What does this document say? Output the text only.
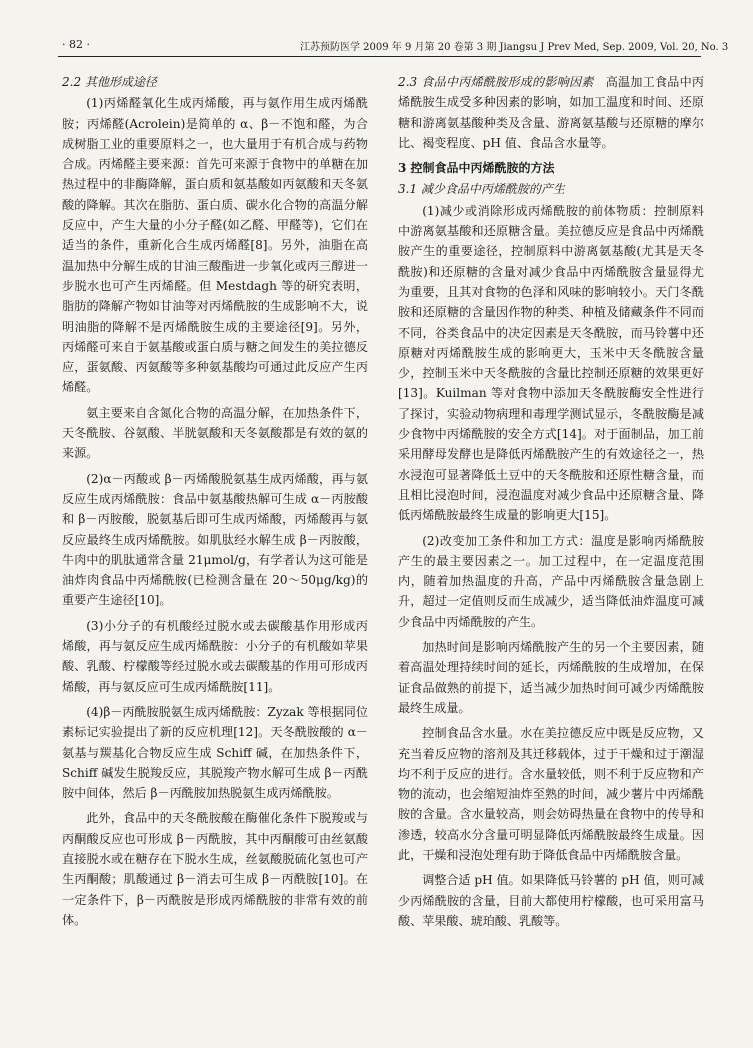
· 82 ·	江苏预防医学 2009 年 9 月第 20 卷第 3 期 Jiangsu J Prev Med, Sep. 2009, Vol. 20, No. 3
2.2 其他形成途径

(1)丙烯醛氧化生成丙烯酸，再与氨作用生成丙烯酰胺；丙烯醛(Acrolein)是简单的 α、β－不饱和醛，为合成树脂工业的重要原料之一，也大量用于有机合成与药物合成。丙烯醛主要来源：首先可来源于食物中的单糖在加热过程中的非酶降解，蛋白质和氨基酸如丙氨酸和天冬氨酸的降解。其次在脂肪、蛋白质、碳水化合物的高温分解反应中，产生大量的小分子醛(如乙醛、甲醛等)，它们在适当的条件，重新化合生成丙烯醛[8]。另外，油脂在高温加热中分解生成的甘油三酸酯进一步氧化或丙三醇进一步脱水也可产生丙烯醛。但 Mestdagh 等的研究表明，脂肪的降解产物如甘油等对丙烯酰胺的生成影响不大，说明油脂的降解不是丙烯酰胺生成的主要途径[9]。另外，丙烯醛可来自于氨基酸或蛋白质与糖之间发生的美拉德反应，蛋氨酸、丙氨酸等多种氨基酸均可通过此反应产生丙烯醛。

氨主要来自含氮化合物的高温分解，在加热条件下，天冬酰胺、谷氨酸、半胱氨酸和天冬氨酸都是有效的氨的来源。

(2)α－丙酸或 β－丙烯酸脱氨基生成丙烯酸，再与氨反应生成丙烯酰胺：食品中氨基酸热解可生成 α－丙胺酸和 β－丙胺酸，脱氨基后即可生成丙烯酸，丙烯酸再与氨反应最终生成丙烯酰胺。如肌肽经水解生成 β－丙胺酸，牛肉中的肌肽通常含量 21μmol/g，有学者认为这可能是油炸肉食品中丙烯酰胺(已检测含量在 20～50μg/kg)的重要产生途径[10]。

(3)小分子的有机酸经过脱水或去碳酸基作用形成丙烯酸，再与氨反应生成丙烯酰胺：小分子的有机酸如苹果酸、乳酸、柠檬酸等经过脱水或去碳酸基的作用可形成丙烯酸，再与氨反应可生成丙烯酰胺[11]。

(4)β－丙酰胺脱氨生成丙烯酰胺：Zyzak 等根据同位素标记实验提出了新的反应机理[12]。天冬酰胺酸的 α－氨基与羰基化合物反应生成 Schiff 碱，在加热条件下，Schiff 碱发生脱羧反应，其脱羧产物水解可生成 β－丙酰胺中间体，然后 β－丙酰胺加热脱氨生成丙烯酰胺。

此外，食品中的天冬酰胺酸在酶催化条件下脱羧或与丙酮酸反应也可形成 β－丙酰胺，其中丙酮酸可由丝氨酸直接脱水或在糖存在下脱水生成，丝氨酸脱硫化氢也可产生丙酮酸；肌酸通过 β－消去可生成 β－丙酰胺[10]。在一定条件下，β－丙酰胺是形成丙烯酰胺的非常有效的前体。

2.3 食品中丙烯酰胺形成的影响因素 高温加工食品中丙烯酰胺生成受多种因素的影响，如加工温度和时间、还原糖和游离氨基酸种类及含量、游离氨基酸与还原糖的摩尔比、褐变程度、pH 值、食品含水量等。

3 控制食品中丙烯酰胺的方法
3.1 减少食品中丙烯酰胺的产生

(1)减少或消除形成丙烯酰胺的前体物质：控制原料中游离氨基酸和还原糖含量。美拉德反应是食品中丙烯酰胺产生的重要途径，控制原料中游离氨基酸(尤其是天冬酰胺)和还原糖的含量对减少食品中丙烯酰胺含量显得尤为重要，且其对食物的色泽和风味的影响较小。天门冬酰胺和还原糖的含量因作物的种类、种植及储藏条件不同而不同，谷类食品中的决定因素是天冬酰胺，而马铃薯中还原糖对丙烯酰胺生成的影响更大，玉米中天冬酰胺含量少，控制玉米中天冬酰胺的含量比控制还原糖的效果更好[13]。Kuilman 等对食物中添加天冬酰胺酶安全性进行了探讨，实验动物病理和毒理学测试显示，冬酰胺酶是减少食物中丙烯酰胺的安全方式[14]。对于面制品，加工前采用酵母发酵也是降低丙烯酰胺产生的有效途径之一，热水浸泡可显著降低土豆中的天冬酰胺和还原性糖含量，而且相比浸泡时间，浸泡温度对减少食品中还原糖含量、降低丙烯酰胺最终生成量的影响更大[15]。

(2)改变加工条件和加工方式：温度是影响丙烯酰胺产生的最主要因素之一。加工过程中，在一定温度范围内，随着加热温度的升高，产品中丙烯酰胺含量急剧上升，超过一定值则反而生成减少，适当降低油炸温度可减少食品中丙烯酰胺的产生。

加热时间是影响丙烯酰胺产生的另一个主要因素，随着高温处理持续时间的延长，丙烯酰胺的生成增加，在保证食品做熟的前提下，适当减少加热时间可减少丙烯酰胺最终生成量。

控制食品含水量。水在美拉德反应中既是反应物，又充当着反应物的溶剂及其迁移载体，过于干燥和过于潮湿均不利于反应的进行。含水量较低，则不利于反应物和产物的流动，也会缩短油炸至熟的时间，减少薯片中丙烯酰胺的含量。含水量较高，则会妨碍热量在食物中的传导和渗透，较高水分含量可明显降低丙烯酰胺最终生成量。因此，干燥和浸泡处理有助于降低食品中丙烯酰胺含量。

调整合适 pH 值。如果降低马铃薯的 pH 值，则可减少丙烯酰胺的含量，目前大都使用柠檬酸，也可采用富马酸、苹果酸、琥珀酸、乳酸等。
